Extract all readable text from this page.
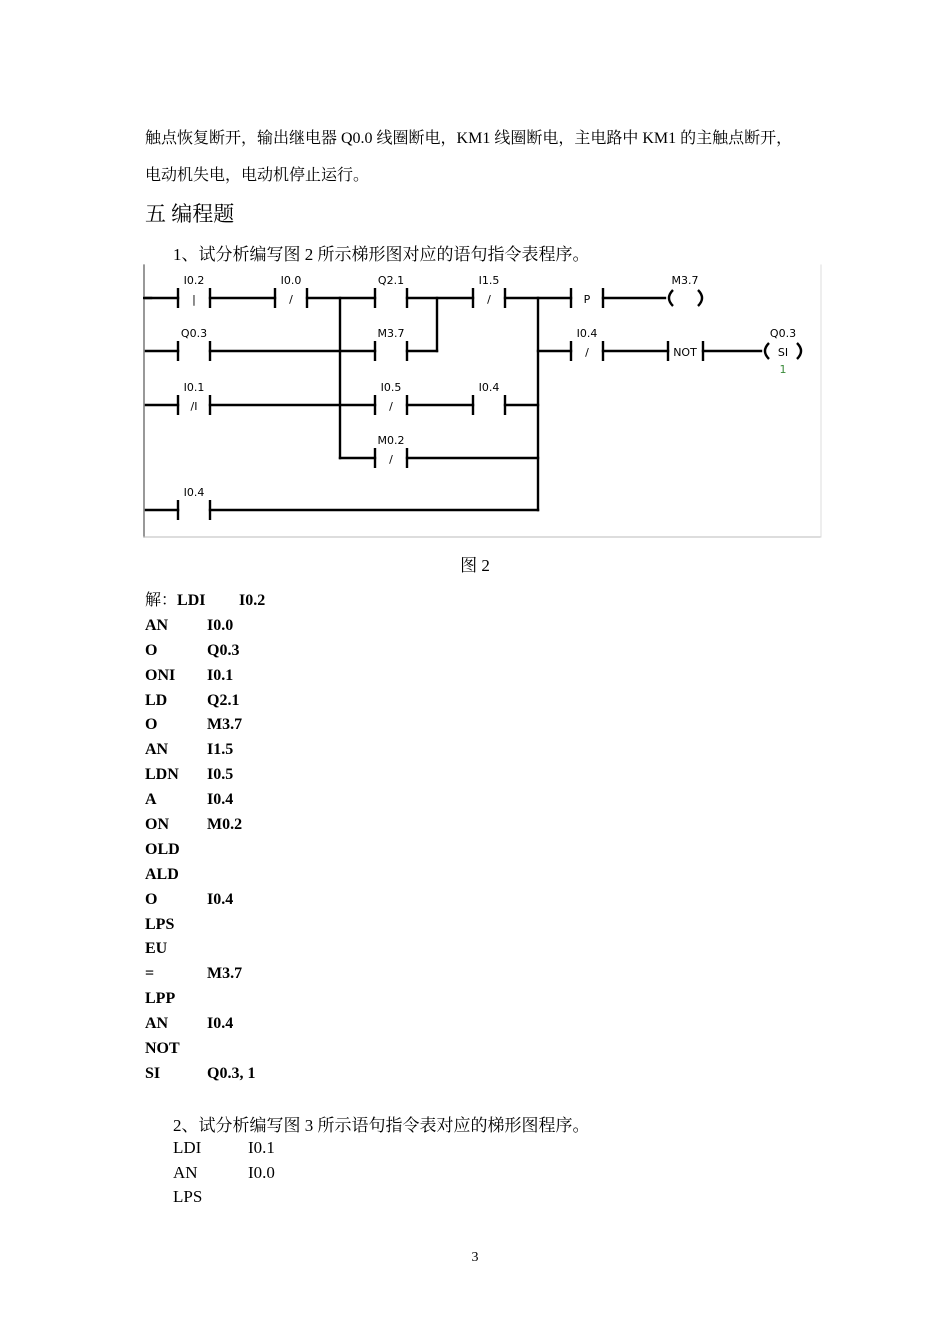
触点恢复断开，输出继电器 Q0.0 线圈断电，KM1 线圈断电，主电路中 KM1 的主触点断开，
电动机失电，电动机停止运行。
五 编程题
1、试分析编写图 2 所示梯形图对应的语句指令表程序。
|
I0.2
/
I0.0	Q2.1
/
I1.5
P
M3.7
Q0.3	M3.7
/
I0.4
NOT
Q0.3
SI
1
/I
I0.1
/
I0.5	I0.4
/
M0.2
I0.4
图 2
解： LDI	I0.2
AN	I0.0
O	Q0.3
ONI	I0.1
LD	Q2.1
O	M3.7
AN	I1.5
LDN	I0.5
A	I0.4
ON	M0.2
OLD
ALD
O	I0.4
LPS
EU
=	M3.7
LPP
AN	I0.4
NOT
SI	Q0.3, 1
2、试分析编写图 3 所示语句指令表对应的梯形图程序。
LDI	I0.1
AN	I0.0
LPS
3
